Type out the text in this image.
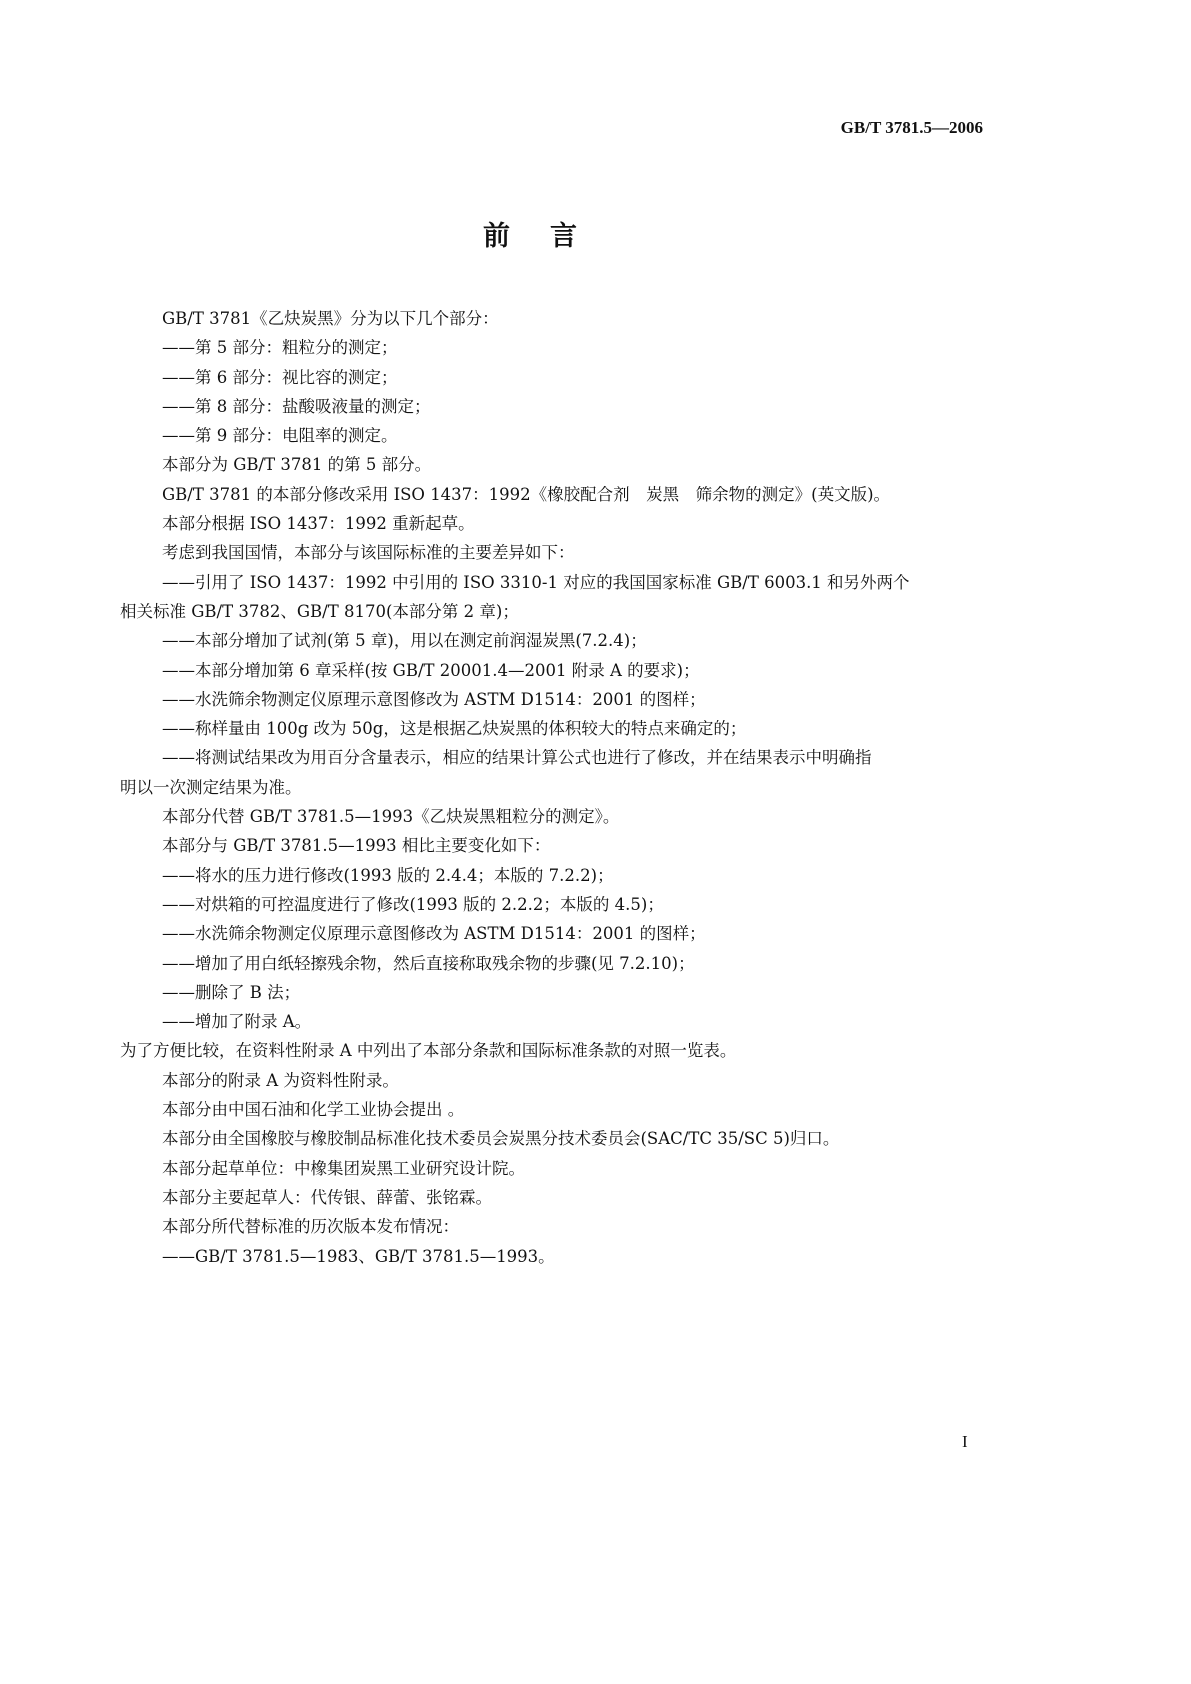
GB/T 3781.5—2006
前言
GB/T 3781《乙炔炭黑》分为以下几个部分：
——第 5 部分：粗粒分的测定；
——第 6 部分：视比容的测定；
——第 8 部分：盐酸吸液量的测定；
——第 9 部分：电阻率的测定。
本部分为 GB/T 3781 的第 5 部分。
GB/T 3781 的本部分修改采用 ISO 1437：1992《橡胶配合剂　炭黑　筛余物的测定》(英文版)。
本部分根据 ISO 1437：1992 重新起草。
考虑到我国国情，本部分与该国际标准的主要差异如下：
——引用了 ISO 1437：1992 中引用的 ISO 3310-1 对应的我国国家标准 GB/T 6003.1 和另外两个
相关标准 GB/T 3782、GB/T 8170(本部分第 2 章)；
——本部分增加了试剂(第 5 章)，用以在测定前润湿炭黑(7.2.4)；
——本部分增加第 6 章采样(按 GB/T 20001.4—2001 附录 A 的要求)；
——水洗筛余物测定仪原理示意图修改为 ASTM D1514：2001 的图样；
——称样量由 100g 改为 50g，这是根据乙炔炭黑的体积较大的特点来确定的；
——将测试结果改为用百分含量表示，相应的结果计算公式也进行了修改，并在结果表示中明确指
明以一次测定结果为准。
本部分代替 GB/T 3781.5—1993《乙炔炭黑粗粒分的测定》。
本部分与 GB/T 3781.5—1993 相比主要变化如下：
——将水的压力进行修改(1993 版的 2.4.4；本版的 7.2.2)；
——对烘箱的可控温度进行了修改(1993 版的 2.2.2；本版的 4.5)；
——水洗筛余物测定仪原理示意图修改为 ASTM D1514：2001 的图样；
——增加了用白纸轻擦残余物，然后直接称取残余物的步骤(见 7.2.10)；
——删除了 B 法；
——增加了附录 A。
为了方便比较，在资料性附录 A 中列出了本部分条款和国际标准条款的对照一览表。
本部分的附录 A 为资料性附录。
本部分由中国石油和化学工业协会提出 。
本部分由全国橡胶与橡胶制品标准化技术委员会炭黑分技术委员会(SAC/TC 35/SC 5)归口。
本部分起草单位：中橡集团炭黑工业研究设计院。
本部分主要起草人：代传银、薛蕾、张铭霖。
本部分所代替标准的历次版本发布情况：
——GB/T 3781.5—1983、GB/T 3781.5—1993。
I
